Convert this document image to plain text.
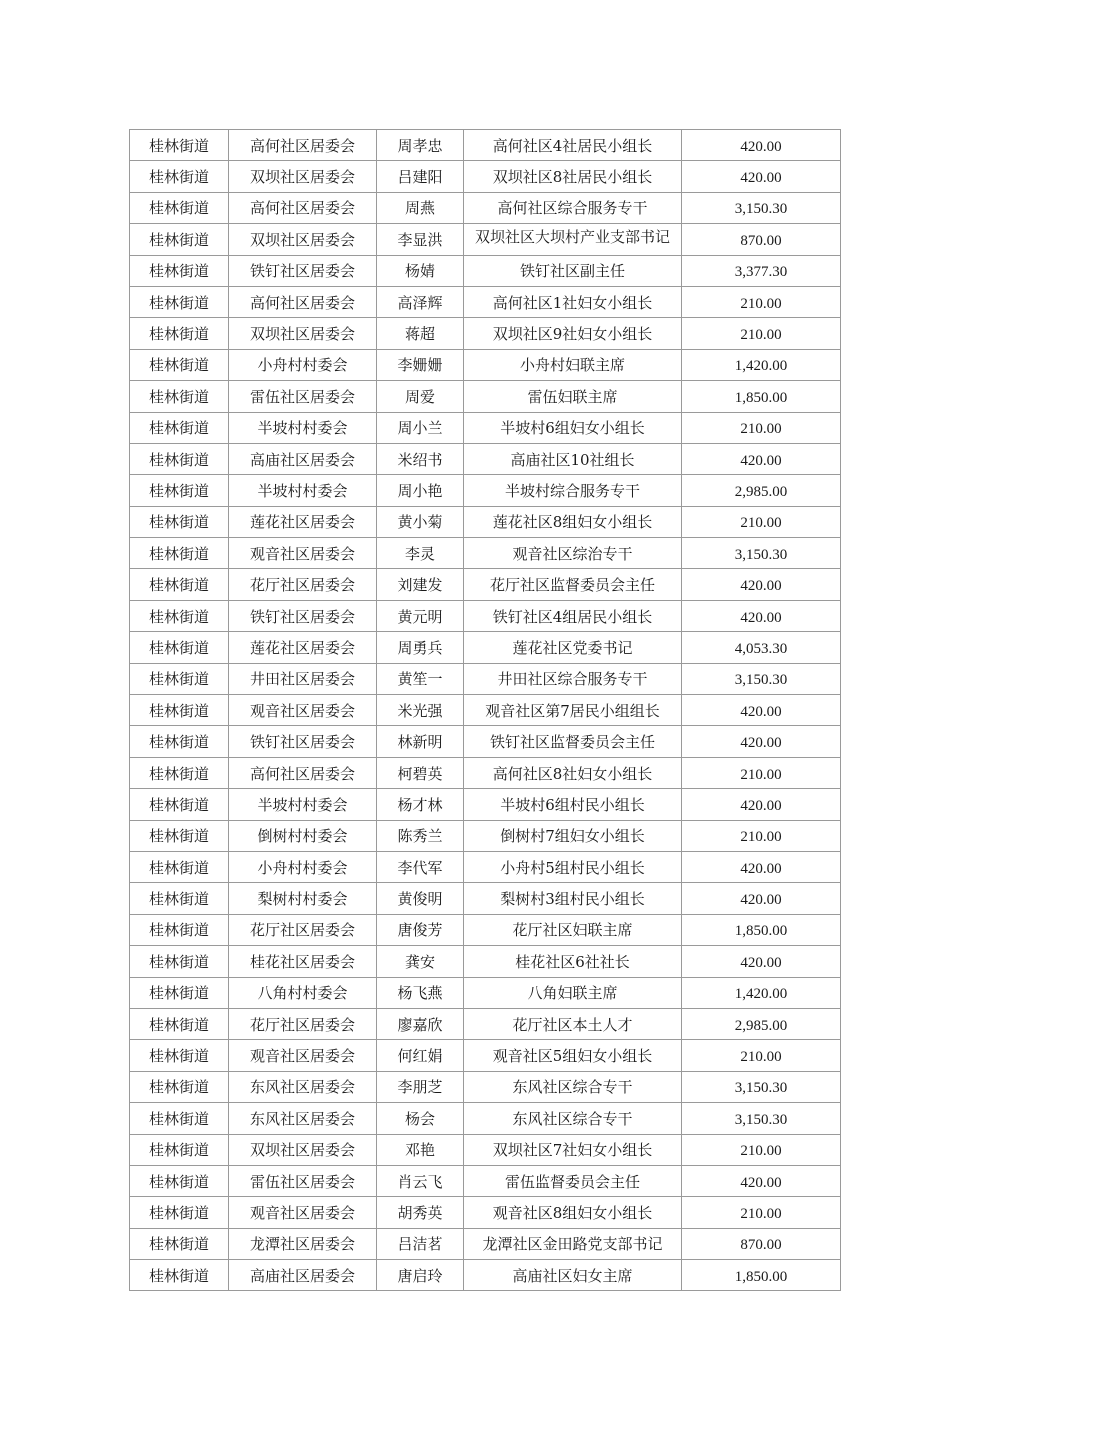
桂林街道	高何社区居委会	周孝忠	高何社区4社居民小组长	420.00
桂林街道	双坝社区居委会	吕建阳	双坝社区8社居民小组长	420.00
桂林街道	高何社区居委会	周燕	高何社区综合服务专干	3,150.30
桂林街道	双坝社区居委会	李显洪	双坝社区大坝村产业支部书记	870.00
桂林街道	铁钉社区居委会	杨婧	铁钉社区副主任	3,377.30
桂林街道	高何社区居委会	高泽辉	高何社区1社妇女小组长	210.00
桂林街道	双坝社区居委会	蒋超	双坝社区9社妇女小组长	210.00
桂林街道	小舟村村委会	李姗姗	小舟村妇联主席	1,420.00
桂林街道	雷伍社区居委会	周爱	雷伍妇联主席	1,850.00
桂林街道	半坡村村委会	周小兰	半坡村6组妇女小组长	210.00
桂林街道	高庙社区居委会	米绍书	高庙社区10社组长	420.00
桂林街道	半坡村村委会	周小艳	半坡村综合服务专干	2,985.00
桂林街道	莲花社区居委会	黄小菊	莲花社区8组妇女小组长	210.00
桂林街道	观音社区居委会	李灵	观音社区综治专干	3,150.30
桂林街道	花厅社区居委会	刘建发	花厅社区监督委员会主任	420.00
桂林街道	铁钉社区居委会	黄元明	铁钉社区4组居民小组长	420.00
桂林街道	莲花社区居委会	周勇兵	莲花社区党委书记	4,053.30
桂林街道	井田社区居委会	黄笙一	井田社区综合服务专干	3,150.30
桂林街道	观音社区居委会	米光强	观音社区第7居民小组组长	420.00
桂林街道	铁钉社区居委会	林新明	铁钉社区监督委员会主任	420.00
桂林街道	高何社区居委会	柯碧英	高何社区8社妇女小组长	210.00
桂林街道	半坡村村委会	杨才林	半坡村6组村民小组长	420.00
桂林街道	倒树村村委会	陈秀兰	倒树村7组妇女小组长	210.00
桂林街道	小舟村村委会	李代军	小舟村5组村民小组长	420.00
桂林街道	梨树村村委会	黄俊明	梨树村3组村民小组长	420.00
桂林街道	花厅社区居委会	唐俊芳	花厅社区妇联主席	1,850.00
桂林街道	桂花社区居委会	龚安	桂花社区6社社长	420.00
桂林街道	八角村村委会	杨飞燕	八角妇联主席	1,420.00
桂林街道	花厅社区居委会	廖嘉欣	花厅社区本土人才	2,985.00
桂林街道	观音社区居委会	何红娟	观音社区5组妇女小组长	210.00
桂林街道	东风社区居委会	李朋芝	东风社区综合专干	3,150.30
桂林街道	东风社区居委会	杨会	东风社区综合专干	3,150.30
桂林街道	双坝社区居委会	邓艳	双坝社区7社妇女小组长	210.00
桂林街道	雷伍社区居委会	肖云飞	雷伍监督委员会主任	420.00
桂林街道	观音社区居委会	胡秀英	观音社区8组妇女小组长	210.00
桂林街道	龙潭社区居委会	吕洁茗	龙潭社区金田路党支部书记	870.00
桂林街道	高庙社区居委会	唐启玲	高庙社区妇女主席	1,850.00
